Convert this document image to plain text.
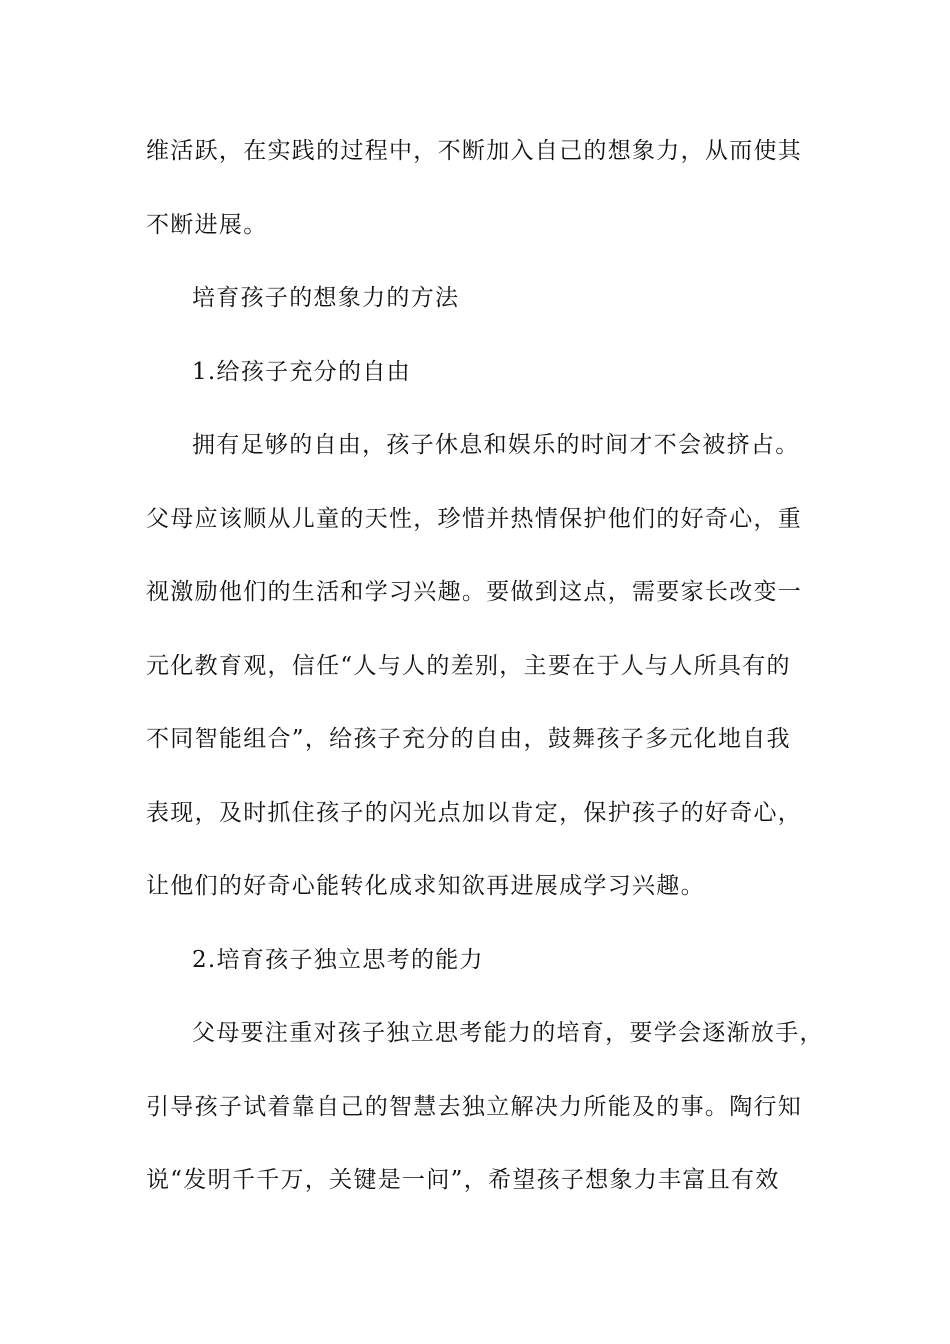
维活跃，在实践的过程中，不断加入自己的想象力，从而使其
不断进展。
培育孩子的想象力的方法
1.给孩子充分的自由
拥有足够的自由，孩子休息和娱乐的时间才不会被挤占。
父母应该顺从儿童的天性，珍惜并热情保护他们的好奇心，重
视激励他们的生活和学习兴趣。要做到这点，需要家长改变一
元化教育观，信任“人与人的差别，主要在于人与人所具有的
不同智能组合”，给孩子充分的自由，鼓舞孩子多元化地自我
表现，及时抓住孩子的闪光点加以肯定，保护孩子的好奇心，
让他们的好奇心能转化成求知欲再进展成学习兴趣。
2.培育孩子独立思考的能力
父母要注重对孩子独立思考能力的培育，要学会逐渐放手，
引导孩子试着靠自己的智慧去独立解决力所能及的事。陶行知
说“发明千千万，关键是一问”，希望孩子想象力丰富且有效
